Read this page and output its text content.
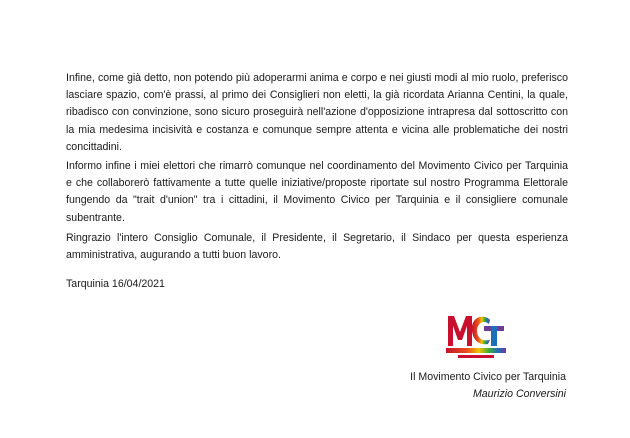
Infine, come già detto, non potendo più adoperarmi anima e corpo e nei giusti modi al mio ruolo, preferisco
lasciare spazio, com'è prassi, al primo dei Consiglieri non eletti, la già ricordata Arianna Centini, la quale,
ribadisco con convinzione, sono sicuro proseguirà nell'azione d'opposizione intrapresa dal sottoscritto con
la mia medesima incisività e costanza e comunque sempre attenta e vicina alle problematiche dei nostri
concittadini.

Informo infine i miei elettori che rimarrò comunque nel coordinamento del Movimento Civico per Tarquinia
e che collaborerò fattivamente a tutte quelle iniziative/proposte riportate sul nostro Programma Elettorale
fungendo da "trait d'union" tra i cittadini, il Movimento Civico per Tarquinia e il consigliere comunale
subentrante.

Ringrazio l'intero Consiglio Comunale, il Presidente, il Segretario, il Sindaco per questa esperienza
amministrativa, augurando a tutti buon lavoro.

Tarquinia 16/04/2021

Il Movimento Civico per Tarquinia
Maurizio Conversini
